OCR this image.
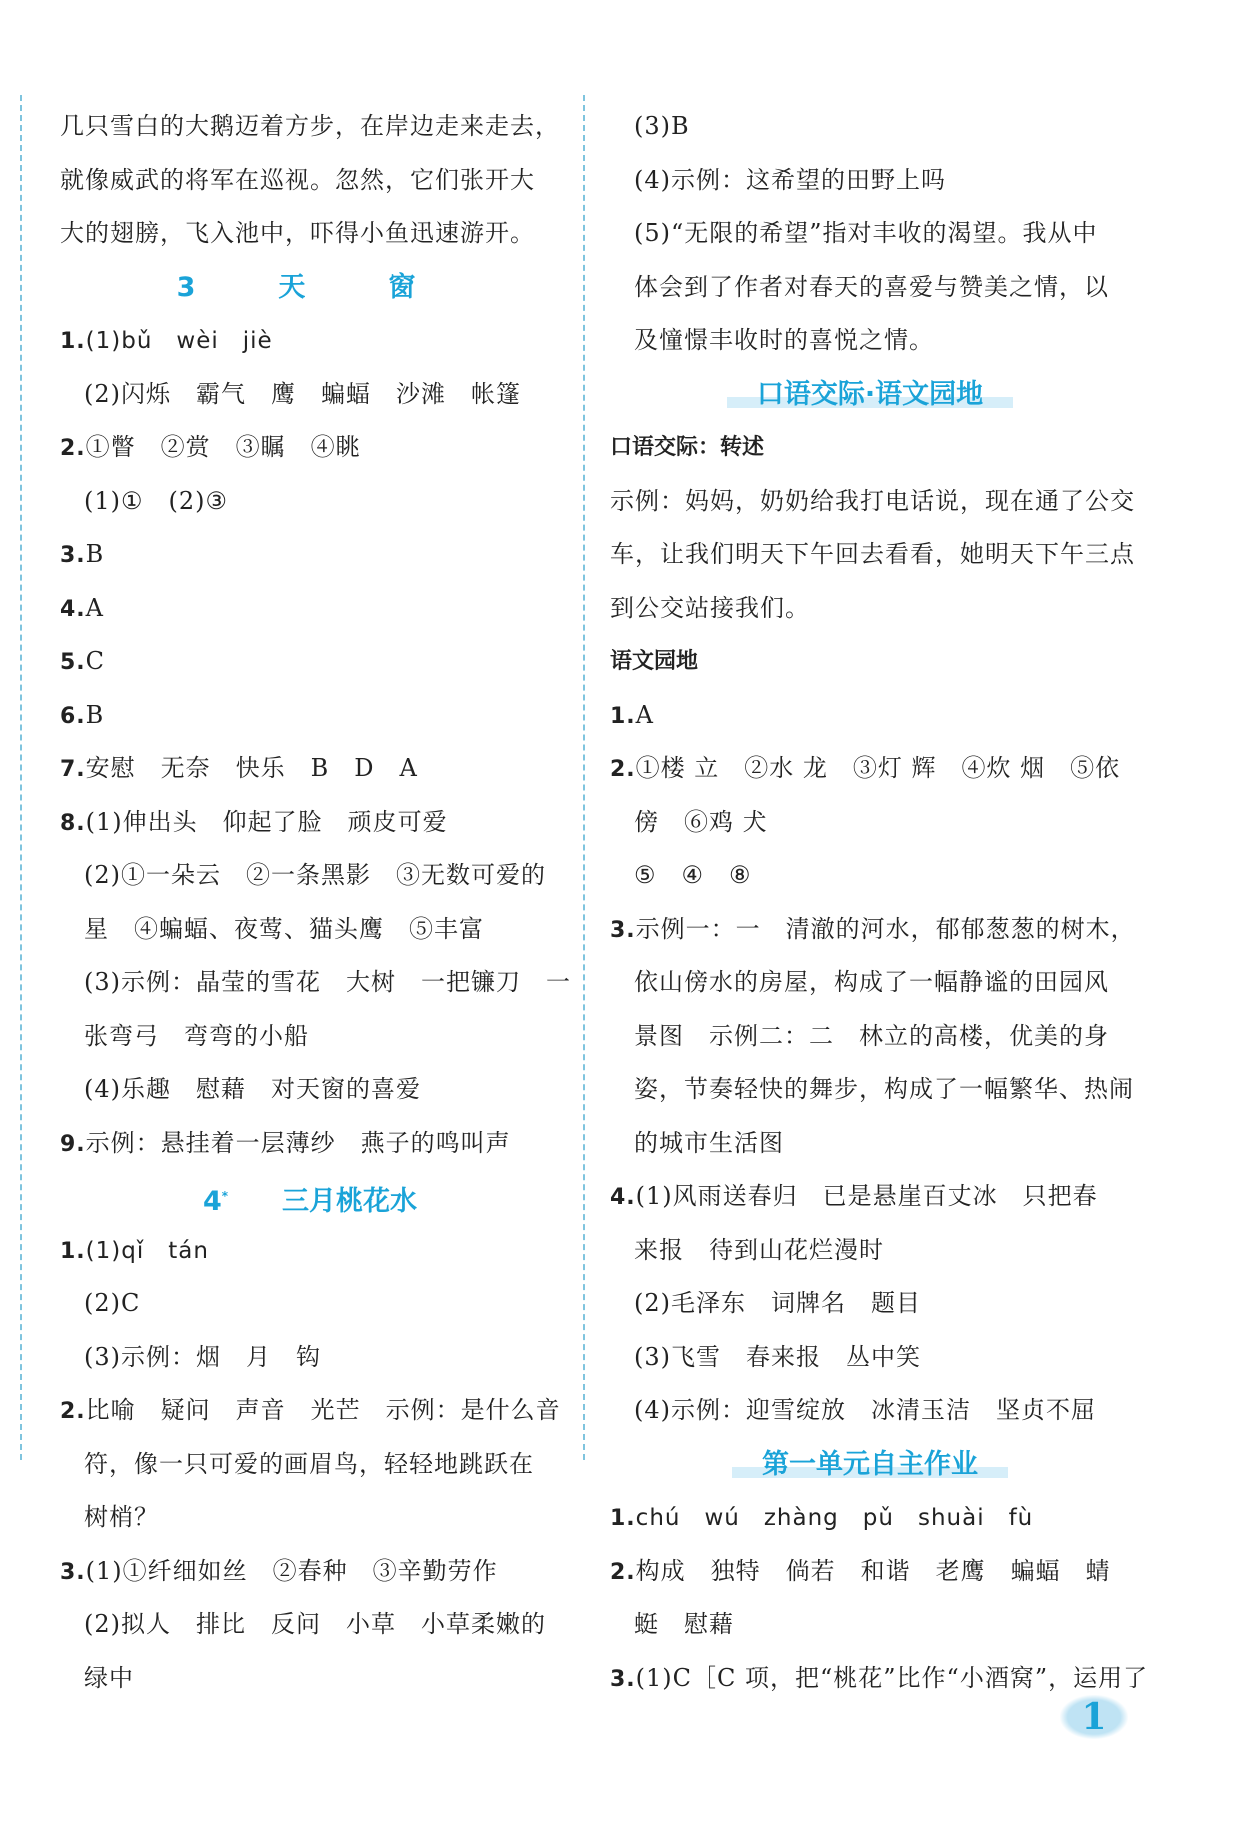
几只雪白的大鹅迈着方步，在岸边走来走去，
就像威武的将军在巡视。忽然，它们张开大
大的翅膀，飞入池中，吓得小鱼迅速游开。
3　天　窗
1.(1)bǔ　wèi　jiè
(2)闪烁　霸气　鹰　蝙蝠　沙滩　帐篷
2.①瞥　②赏　③瞩　④眺
(1)①　(2)③
3.B
4.A
5.C
6.B
7.安慰　无奈　快乐　B　D　A
8.(1)伸出头　仰起了脸　顽皮可爱
(2)①一朵云　②一条黑影　③无数可爱的
星　④蝙蝠、夜莺、猫头鹰　⑤丰富
(3)示例：晶莹的雪花　大树　一把镰刀　一
张弯弓　弯弯的小船
(4)乐趣　慰藉　对天窗的喜爱
9.示例：悬挂着一层薄纱　燕子的鸣叫声
4*　　 三月桃花水
1.(1)qǐ　tán
(2)C
(3)示例：烟　月　钩
2.比喻　疑问　声音　光芒　示例：是什么音
符，像一只可爱的画眉鸟，轻轻地跳跃在
树梢？
3.(1)①纤细如丝　②春种　③辛勤劳作
(2)拟人　排比　反问　小草　小草柔嫩的
绿中
(3)B
(4)示例：这希望的田野上吗
(5)“无限的希望”指对丰收的渴望。我从中
体会到了作者对春天的喜爱与赞美之情，以
及憧憬丰收时的喜悦之情。
口语交际·语文园地
口语交际：转述
示例：妈妈，奶奶给我打电话说，现在通了公交
车，让我们明天下午回去看看，她明天下午三点
到公交站接我们。
语文园地
1.A
2.①楼 立　②水 龙　③灯 辉　④炊 烟　⑤依
傍　⑥鸡 犬
⑤　④　⑧
3.示例一：一　清澈的河水，郁郁葱葱的树木，
依山傍水的房屋，构成了一幅静谧的田园风
景图　示例二：二　林立的高楼，优美的身
姿，节奏轻快的舞步，构成了一幅繁华、热闹
的城市生活图
4.(1)风雨送春归　已是悬崖百丈冰　只把春
来报　待到山花烂漫时
(2)毛泽东　词牌名　题目
(3)飞雪　春来报　丛中笑
(4)示例：迎雪绽放　冰清玉洁　坚贞不屈
第一单元自主作业
1.chú　wú　zhàng　pǔ　shuài　fù
2.构成　独特　倘若　和谐　老鹰　蝙蝠　蜻
蜓　慰藉
3.(1)C［C 项，把“桃花”比作“小酒窝”，运用了
1
